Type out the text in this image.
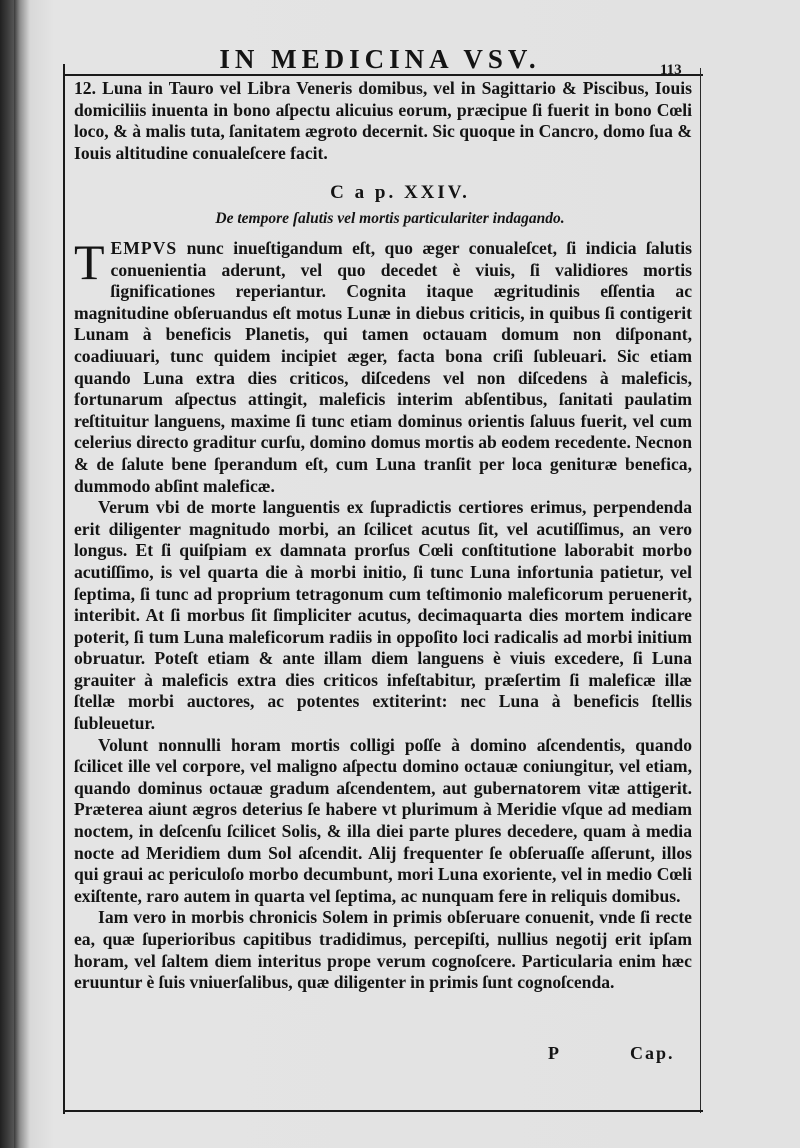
IN MEDICINA VSV.	113

12. Luna in Tauro vel Libra Veneris domibus, vel in Sagittario & Piscibus, Iouis domiciliis inuenta in bono aſpectu alicuius eorum, præcipue ſi fuerit in bono Cœli loco, & à malis tuta, ſanitatem ægroto decernit. Sic quoque in Cancro, domo ſua & Iouis altitudine conualeſcere facit.

C a p. XXIV.
De tempore ſalutis vel mortis particulariter indagando.

TEMPVS nunc inueſtigandum eſt, quo æger conualeſcet, ſi indicia ſalutis conuenientia aderunt, vel quo decedet è viuis, ſi validiores mortis ſignificationes reperiantur. Cognita itaque ægritudinis eſſentia ac magnitudine obſeruandus eſt motus Lunæ in diebus criticis, in quibus ſi contigerit Lunam à beneficis Planetis, qui tamen octauam domum non diſponant, coadiuuari, tunc quidem incipiet æger, facta bona criſi ſubleuari. Sic etiam quando Luna extra dies criticos, diſcedens vel non diſcedens à maleficis, fortunarum aſpectus attingit, maleficis interim abſentibus, ſanitati paulatim reſtituitur languens, maxime ſi tunc etiam dominus orientis ſaluus fuerit, vel cum celerius directo graditur curſu, domino domus mortis ab eodem recedente. Necnon & de ſalute bene ſperandum eſt, cum Luna tranſit per loca genituræ benefica, dummodo abſint maleficæ.

Verum vbi de morte languentis ex ſupradictis certiores erimus, perpendenda erit diligenter magnitudo morbi, an ſcilicet acutus ſit, vel acutiſſimus, an vero longus. Et ſi quiſpiam ex damnata prorſus Cœli conſtitutione laborabit morbo acutiſſimo, is vel quarta die à morbi initio, ſi tunc Luna infortunia patietur, vel ſeptima, ſi tunc ad proprium tetragonum cum teſtimonio maleficorum peruenerit, interibit. At ſi morbus ſit ſimpliciter acutus, decimaquarta dies mortem indicare poterit, ſi tum Luna maleficorum radiis in oppoſito loci radicalis ad morbi initium obruatur. Poteſt etiam & ante illam diem languens è viuis excedere, ſi Luna grauiter à maleficis extra dies criticos infeſtabitur, præſertim ſi maleficæ illæ ſtellæ morbi auctores, ac potentes extiterint: nec Luna à beneficis ſtellis ſubleuetur.

Volunt nonnulli horam mortis colligi poſſe à domino aſcendentis, quando ſcilicet ille vel corpore, vel maligno aſpectu domino octauæ coniungitur, vel etiam, quando dominus octauæ gradum aſcendentem, aut gubernatorem vitæ attigerit. Præterea aiunt ægros deterius ſe habere vt plurimum à Meridie vſque ad mediam noctem, in deſcenſu ſcilicet Solis, & illa diei parte plures decedere, quam à media nocte ad Meridiem dum Sol aſcendit. Alij frequenter ſe obſeruaſſe aſſerunt, illos qui graui ac periculoſo morbo decumbunt, mori Luna exoriente, vel in medio Cœli exiſtente, raro autem in quarta vel ſeptima, ac nunquam fere in reliquis domibus.

Iam vero in morbis chronicis Solem in primis obſeruare conuenit, vnde ſi recte ea, quæ ſuperioribus capitibus tradidimus, percepiſti, nullius negotij erit ipſam horam, vel ſaltem diem interitus prope verum cognoſcere. Particularia enim hæc eruuntur è ſuis vniuerſalibus, quæ diligenter in primis ſunt cognoſcenda.

P	Cap.
